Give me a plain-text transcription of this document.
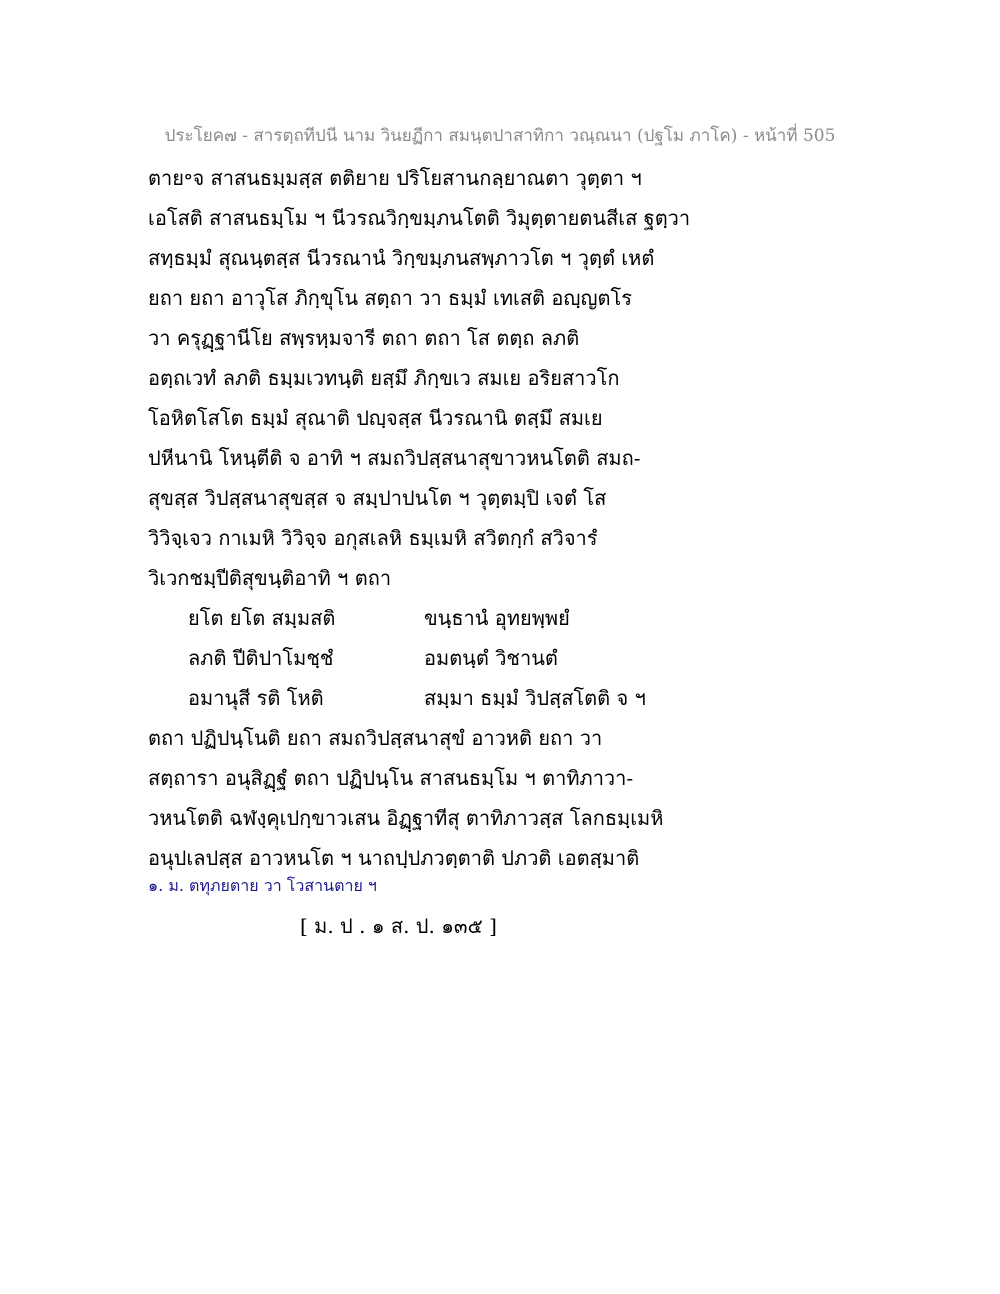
ประโยค๗ - สารตฺถทีปนี นาม วินยฏีกา สมนฺตปาสาทิกา วณฺณนา (ปฐโม ภาโค) - หน้าที่ 505
ตาย॰จ สาสนธมฺมสฺส ตติยาย ปริโยสานกลฺยาณตา วุตฺตา ฯ
เอโสติ สาสนธมฺโม ฯ นีวรณวิกฺขมฺภนโตติ วิมุตฺตายตนสีเส ฐตฺวา
สทฺธมฺมํ สุณนฺตสฺส นีวรณานํ วิกฺขมฺภนสพฺภาวโต ฯ วุตฺตํ เหตํ
ยถา ยถา อาวุโส ภิกฺขุโน สตฺถา วา ธมฺมํ เทเสติ อญฺญตโร
วา ครุฏฺฐานีโย สพฺรหฺมจารี ตถา ตถา โส ตตฺถ ลภติ
อตฺถเวทํ ลภติ ธมฺมเวทนฺติ ยสฺมึ ภิกฺขเว สมเย อริยสาวโก
โอหิตโสโต ธมฺมํ สุณาติ ปญฺจสฺส นีวรณานิ ตสฺมึ สมเย
ปหีนานิ โหนฺตีติ จ อาทิ ฯ สมถวิปสฺสนาสุขาวหนโตติ สมถ-
สุขสฺส วิปสฺสนาสุขสฺส จ สมฺปาปนโต ฯ วุตฺตมฺปิ เจตํ โส
วิวิจฺเจว กาเมหิ วิวิจฺจ อกุสเลหิ ธมฺเมหิ สวิตกฺกํ สวิจารํ
วิเวกชมฺปีติสุขนฺติอาทิ ฯ ตถา
ยโต ยโต สมฺมสติ	ขนฺธานํ อุทยพฺพยํ
ลภติ ปีติปาโมชฺชํ	อมตนฺตํ วิชานตํ
อมานุสี รติ โหติ	สมฺมา ธมฺมํ วิปสฺสโตติ จ ฯ
ตถา ปฏิปนฺโนติ ยถา สมถวิปสฺสนาสุขํ อาวหติ ยถา วา
สตฺถารา อนุสิฏฺฐํ ตถา ปฏิปนฺโน สาสนธมฺโม ฯ ตาทิภาวา-
วหนโตติ ฉฬงฺคุเปกฺขาวเสน อิฏฺฐาทีสุ ตาทิภาวสฺส โลกธมฺเมหิ
อนุปเลปสฺส อาวหนโต ฯ นาถปฺปภวตฺตาติ ปภวติ เอตสฺมาติ
๑. ม. ตทุภยตาย วา โวสานตาย ฯ
[ ม. ป . ๑ ส. ป. ๑๓๕ ]
